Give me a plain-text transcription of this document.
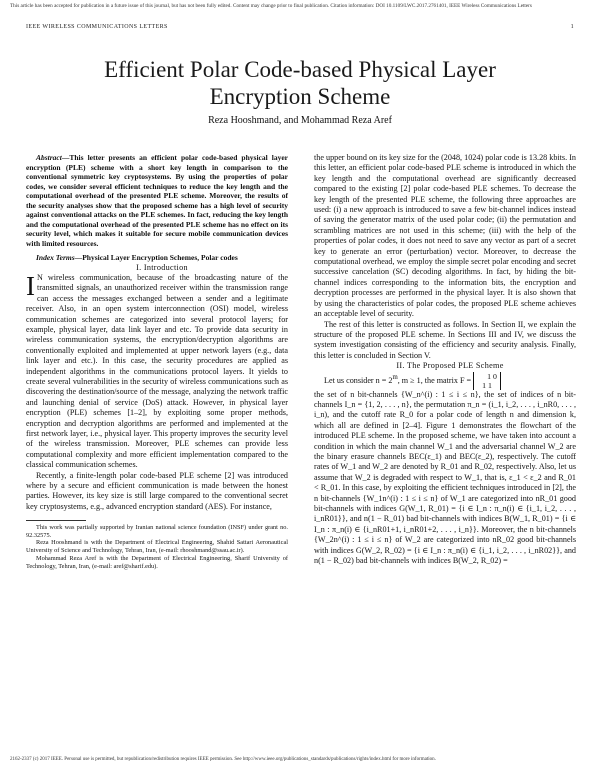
This article has been accepted for publication in a future issue of this journal, but has not been fully edited. Content may change prior to final publication. Citation information: DOI 10.1109/LWC.2017.2761401, IEEE Wireless Communications Letters
IEEE WIRELESS COMMUNICATIONS LETTERS	1
Efficient Polar Code-based Physical Layer
Encryption Scheme
Reza Hooshmand, and Mohammad Reza Aref

Abstract—This letter presents an efficient polar code-based physical layer encryption (PLE) scheme with a short key length in comparison to the conventional symmetric key cryptosystems. By using the properties of polar codes, we consider several efficient techniques to reduce the key length and the computational overhead of the presented PLE scheme. Moreover, the results of the security analyses show that the proposed scheme has a high level of security against conventional attacks on the PLE schemes. In fact, reducing the key length and the computational overhead of the presented PLE scheme has no effect on its security level, which makes it suitable for secure mobile communication devices with limited resources.

Index Terms—Physical Layer Encryption Schemes, Polar codes

I. Introduction

I N wireless communication, because of the broadcasting nature of the transmitted signals, an unauthorized receiver within the transmission range can access the messages exchanged between a sender and a legitimate receiver. Also, in an open system interconnection (OSI) model, wireless communication schemes are categorized into several protocol layers; for example, physical layer, data link layer and etc. To provide data security in wireless communication systems, the encryption/decryption algorithms are conventionally exploited and implemented at upper network layers (e.g., data link layer and etc.). In this case, the security procedures are applied as independent algorithms in the communications protocol layers. It yields to create several vulnerabilities in the security of wireless communications such as discovering the destination/source of the message, analyzing the network traffic and launching denial of service (DoS) attack. However, in physical layer encryption (PLE) schemes [1–2], by exploiting some proper methods, encryption and decryption algorithms are performed and implemented at the first network layer, i.e., physical layer. This property improves the security level of the wireless transmission. Moreover, PLE schemes can provide less computational complexity and more efficient implementation compared to the classical communication schemes.

Recently, a finite-length polar code-based PLE scheme [2] was introduced where by a secure and efficient communication is made between the honest parties. However, its key size is still large compared to the conventional secret key cryptosystems, e.g., advanced encryption standard (AES). For instance,

This work was partially supported by Iranian national science foundation (INSF) under grant no. 92.32575.

Reza Hooshmand is with the Department of Electrical Engineering, Shahid Sattari Aeronautical University of Science and Technology, Tehran, Iran, (e-mail: rhooshmand@ssau.ac.ir).

Mohammad Reza Aref is with the Department of Electrical Engineering, Sharif University of Technology, Tehran, Iran, (e-mail: aref@sharif.edu).

the upper bound on its key size for the (2048, 1024) polar code is 13.28 kbits. In this letter, an efficient polar code-based PLE scheme is introduced in which the key length and the computational overhead are significantly decreased compared to the existing [2] polar code-based PLE schemes. To decrease the key length of the presented PLE scheme, the following three approaches are used: (i) a new approach is introduced to save a few bit-channel indices instead of saving the generator matrix of the used polar code; (ii) the permutation and scrambling matrices are not used in this scheme; (iii) with the help of the properties of polar codes, it does not need to save any vector as part of a secret key to generate an error (perturbation) vector. Moreover, to decrease the computational overhead, we employ the simple secret polar encoding and secret successive cancelation (SC) decoding algorithms. In fact, by hiding the bit-channel indices corresponding to the information bits, the encryption and decryption processes are performed in the physical layer. It is also shown that by using the characteristics of polar codes, the proposed PLE scheme achieves an acceptable level of security.

The rest of this letter is constructed as follows. In Section II, we explain the structure of the proposed PLE scheme. In Sections III and IV, we discuss the system investigation consisting of the efficiency and security analysis. Finally, this letter is concluded in Section V.

II. The Proposed PLE Scheme

Let us consider $n = 2^m$, m ≥ 1, the matrix F = 1 0
1 1

the set of n bit-channels {W_n^(i) : 1 ≤ i ≤ n}, the set of indices of n bit-channels I_n = {1, 2, . . . , n}, the permutation π_n = (i_1, i_2, . . . , i_nR0, . . . , i_n), and the cutoff rate R_0 for a polar code of length n and dimension k, which all are defined in [2–4]. Figure 1 demonstrates the flowchart of the introduced PLE scheme. In the proposed scheme, we have taken into account a condition in which the main channel W_1 and the adversarial channel W_2 are the binary erasure channels BEC(ε_1) and BEC(ε_2), respectively. The cutoff rates of W_1 and W_2 are denoted by R_01 and R_02, respectively. Also, let us assume that W_2 is degraded with respect to W_1, that is, ε_1 < ε_2 and R_01 < R_01. In this case, by exploiting the efficient techniques introduced in [2], the n bit-channels {W_1n^(i) : 1 ≤ i ≤ n} of W_1 are categorized into nR_01 good bit-channels with indices G(W_1, R_01) = {i ∈ I_n : π_n(i) ∈ {i_1, i_2, . . . , i_nR01}}, and n(1 − R_01) bad bit-channels with indices B(W_1, R_01) = {i ∈ I_n : π_n(i) ∈ {i_nR01+1, i_nR01+2, . . . , i_n}}. Moreover, the n bit-channels {W_2n^(i) : 1 ≤ i ≤ n} of W_2 are categorized into nR_02 good bit-channels with indices G(W_2, R_02) = {i ∈ I_n : π_n(i) ∈ {i_1, i_2, . . . , i_nR02}}, and n(1 − R_02) bad bit-channels with indices B(W_2, R_02) =

2162-2337 (c) 2017 IEEE. Personal use is permitted, but republication/redistribution requires IEEE permission. See http://www.ieee.org/publications_standards/publications/rights/index.html for more information.
